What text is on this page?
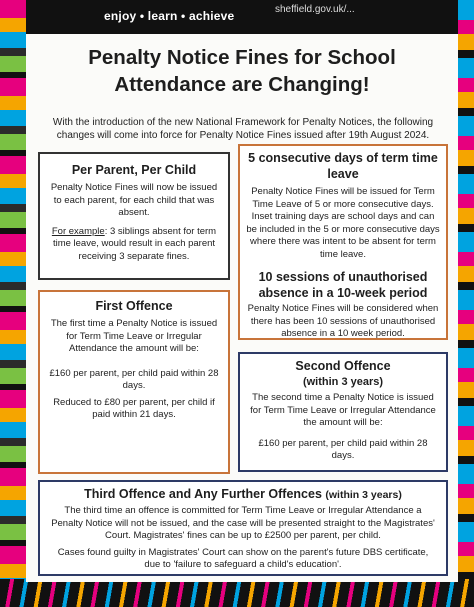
enjoy • learn • achieve	sheffield.gov.uk/...
Penalty Notice Fines for School
Attendance are Changing!
With the introduction of the new National Framework for Penalty Notices, the following changes will come into force for Penalty Notice Fines issued after 19th August 2024.
Per Parent, Per Child
Penalty Notice Fines will now be issued to each parent, for each child that was absent.
For example: 3 siblings absent for term time leave, would result in each parent receiving 3 separate fines.
5 consecutive days of term time leave
Penalty Notice Fines will be issued for Term Time Leave of 5 or more consecutive days. Inset training days are school days and can be included in the 5 or more consecutive days where there was intent to be absent for term time leave.
10 sessions of unauthorised absence in a 10-week period
Penalty Notice Fines will be considered when there has been 10 sessions of unauthorised absence in a 10 week period.
First Offence
The first time a Penalty Notice is issued for Term Time Leave or Irregular Attendance the amount will be:
£160 per parent, per child paid within 28 days.
Reduced to £80 per parent, per child if paid within 21 days.
Second Offence
(within 3 years)
The second time a Penalty Notice is issued for Term Time Leave or Irregular Attendance the amount will be:
£160 per parent, per child paid within 28 days.
Third Offence and Any Further Offences (within 3 years)
The third time an offence is committed for Term Time Leave or Irregular Attendance a Penalty Notice will not be issued, and the case will be presented straight to the Magistrates' Court. Magistrates' fines can be up to £2500 per parent, per child.
Cases found guilty in Magistrates' Court can show on the parent's future DBS certificate, due to 'failure to safeguard a child's education'.
